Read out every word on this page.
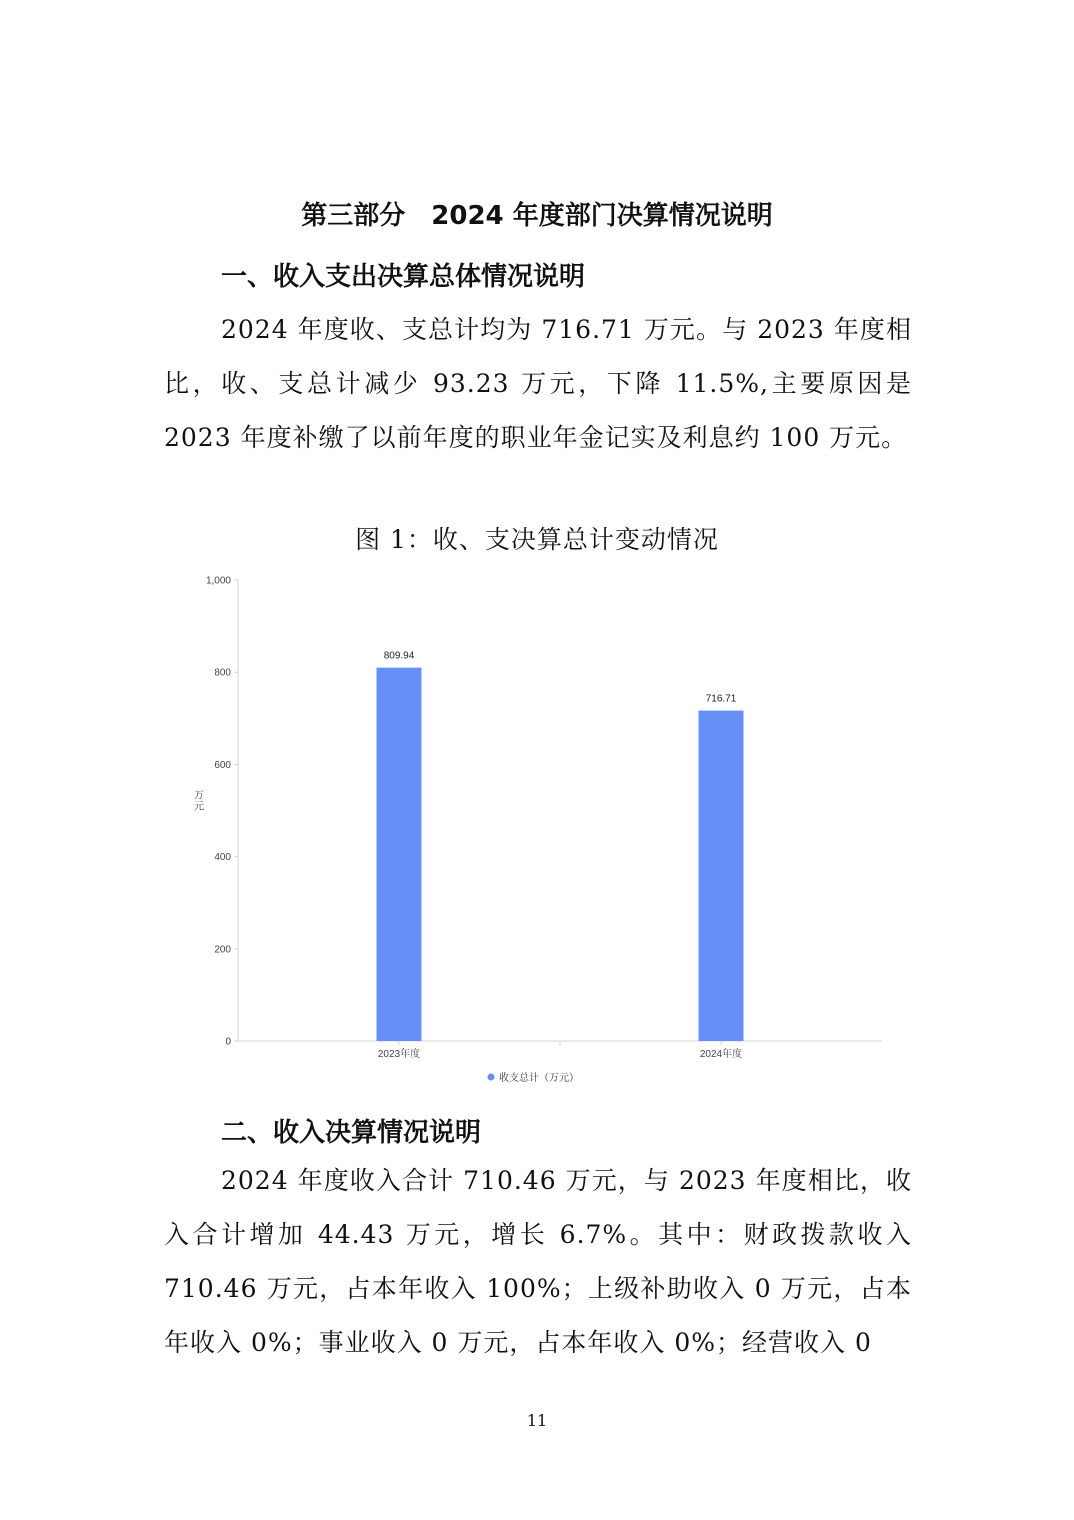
第三部分　2024 年度部门决算情况说明
一、收入支出决算总体情况说明

2024 年度收、支总计均为 716.71 万元。与 2023 年度相比，收、支总计减少 93.23 万元，下降 11.5%,主要原因是 2023 年度补缴了以前年度的职业年金记实及利息约 100 万元。

图 1：收、支决算总计变动情况

0
200
400
600
800
1,000
万元
809.94
716.71
2023年度	2024年度
收支总计（万元）
二、收入决算情况说明

2024 年度收入合计 710.46 万元，与 2023 年度相比，收入合计增加 44.43 万元，增长 6.7%。其中：财政拨款收入 710.46 万元，占本年收入 100%；上级补助收入 0 万元，占本年收入 0%；事业收入 0 万元，占本年收入 0%；经营收入 0

11
